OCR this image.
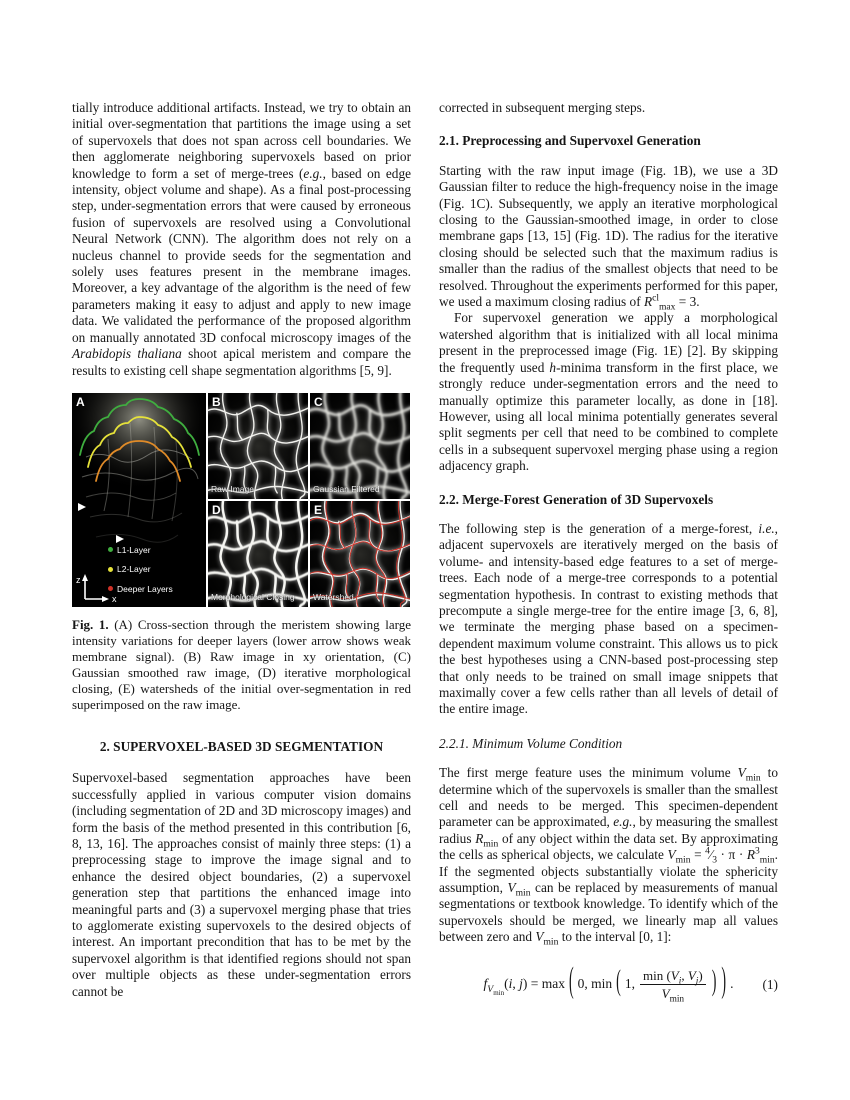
tially introduce additional artifacts. Instead, we try to obtain an initial over-segmentation that partitions the image using a set of supervoxels that does not span across cell boundaries. We then agglomerate neighboring supervoxels based on prior knowledge to form a set of merge-trees (e.g., based on edge intensity, object volume and shape). As a final post-processing step, under-segmentation errors that were caused by erroneous fusion of supervoxels are resolved using a Convolutional Neural Network (CNN). The algorithm does not rely on a nucleus channel to provide seeds for the segmentation and solely uses features present in the membrane images. Moreover, a key advantage of the algorithm is the need of few parameters making it easy to adjust and apply to new image data. We validated the performance of the proposed algorithm on manually annotated 3D confocal microscopy images of the Arabidopis thaliana shoot apical meristem and compare the results to existing cell shape segmentation algorithms [5, 9].

z
x
A
L1-Layer
L2-Layer
Deeper Layers
B
Raw Image
C
Gaussian Filtered
D
Morphological Closing
E
Watershed

Fig. 1. (A) Cross-section through the meristem showing large intensity variations for deeper layers (lower arrow shows weak membrane signal). (B) Raw image in xy orientation, (C) Gaussian smoothed raw image, (D) iterative morphological closing, (E) watersheds of the initial over-segmentation in red superimposed on the raw image.

2. SUPERVOXEL-BASED 3D SEGMENTATION

Supervoxel-based segmentation approaches have been successfully applied in various computer vision domains (including segmentation of 2D and 3D microscopy images) and form the basis of the method presented in this contribution [6, 8, 13, 16]. The approaches consist of mainly three steps: (1) a preprocessing stage to improve the image signal and to enhance the desired object boundaries, (2) a supervoxel generation step that partitions the enhanced image into meaningful parts and (3) a supervoxel merging phase that tries to agglomerate existing supervoxels to the desired objects of interest. An important precondition that has to be met by the supervoxel algorithm is that identified regions should not span over multiple objects as these under-segmentation errors cannot be

corrected in subsequent merging steps.

2.1. Preprocessing and Supervoxel Generation

Starting with the raw input image (Fig. 1B), we use a 3D Gaussian filter to reduce the high-frequency noise in the image (Fig. 1C). Subsequently, we apply an iterative morphological closing to the Gaussian-smoothed image, in order to close membrane gaps [13, 15] (Fig. 1D). The radius for the iterative closing should be selected such that the maximum radius is smaller than the radius of the smallest objects that need to be resolved. Throughout the experiments performed for this paper, we used a maximum closing radius of $R^{cl}_{max} = 3$.

For supervoxel generation we apply a morphological watershed algorithm that is initialized with all local minima present in the preprocessed image (Fig. 1E) [2]. By skipping the frequently used h-minima transform in the first place, we strongly reduce under-segmentation errors and the need to manually optimize this parameter locally, as done in [18]. However, using all local minima potentially generates several split segments per cell that need to be combined to complete cells in a subsequent supervoxel merging phase using a region adjacency graph.

2.2. Merge-Forest Generation of 3D Supervoxels

The following step is the generation of a merge-forest, i.e., adjacent supervoxels are iteratively merged on the basis of volume- and intensity-based edge features to a set of merge-trees. Each node of a merge-tree corresponds to a potential segmentation hypothesis. In contrast to existing methods that precompute a single merge-tree for the entire image [3, 6, 8], we terminate the merging phase based on a specimen-dependent maximum volume constraint. This allows us to pick the best hypotheses using a CNN-based post-processing step that only needs to be trained on small image snippets that maximally cover a few cells rather than all levels of detail of the entire image.

2.2.1. Minimum Volume Condition

The first merge feature uses the minimum volume $V_{min}$ to determine which of the supervoxels is smaller than the smallest cell and needs to be merged. This specimen-dependent parameter can be approximated, e.g., by measuring the smallest radius $R_{min}$ of any object within the data set. By approximating the cells as spherical objects, we calculate $V_{min}$ = $^4⁄_3 \cdot \pi \cdot R^3_{min}$. If the segmented objects substantially violate the sphericity assumption, $V_{min}$ can be replaced by measurements of manual segmentations or textbook knowledge. To identify which of the supervoxels should be merged, we linearly map all values between zero and $V_{min}$ to the interval [0, 1]:

$f_{V_{min}}(i$, j) = max ( 0, min ( 1, $\frac{\min (V_i, V_j)}{V_{min}}$ ) ) . (1)
